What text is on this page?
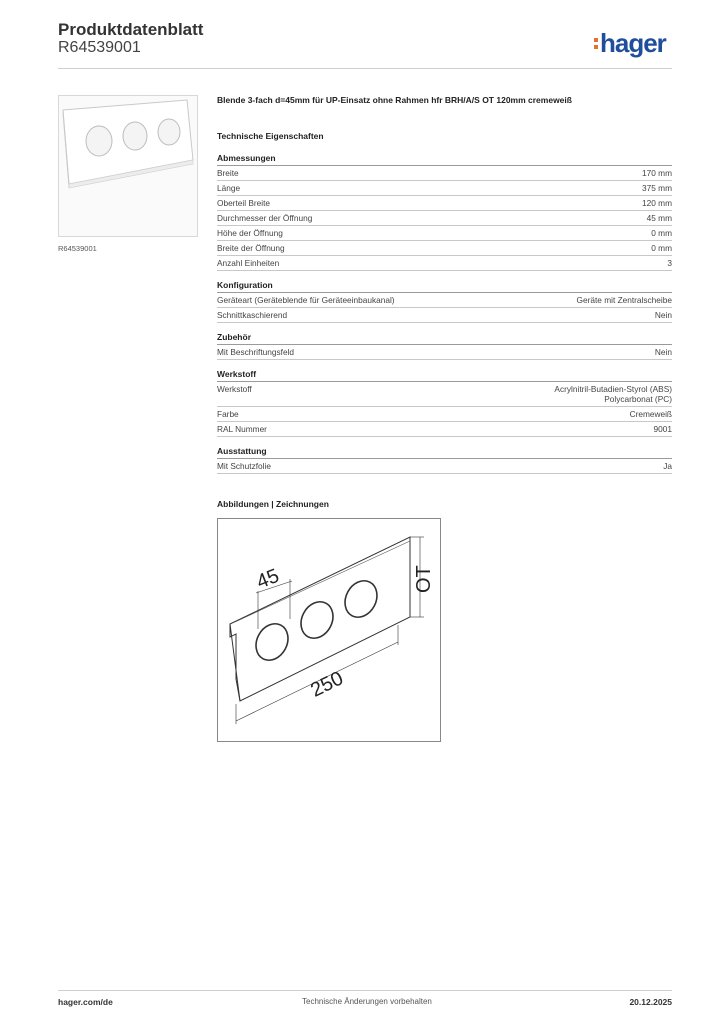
Produktdatenblatt
R64539001	hager
R64539001
Blende 3-fach d=45mm für UP-Einsatz ohne Rahmen hfr BRH/A/S OT 120mm cremeweiß
Technische Eigenschaften
Abmessungen
Breite	170 mm
Länge	375 mm
Oberteil Breite	120 mm
Durchmesser der Öffnung	45 mm
Höhe der Öffnung	0 mm
Breite der Öffnung	0 mm
Anzahl Einheiten	3
Konfiguration
Geräteart (Geräteblende für Geräteeinbaukanal)	Geräte mit Zentralscheibe
Schnittkaschierend	Nein
Zubehör
Mit Beschriftungsfeld	Nein
Werkstoff
Werkstoff	Acrylnitril-Butadien-Styrol (ABS)
Polycarbonat (PC)
Farbe	Cremeweiß
RAL Nummer	9001
Ausstattung
Mit Schutzfolie	Ja
Abbildungen | Zeichnungen
45	OT
250
hager.com/de	Technische Änderungen vorbehalten	20.12.2025
